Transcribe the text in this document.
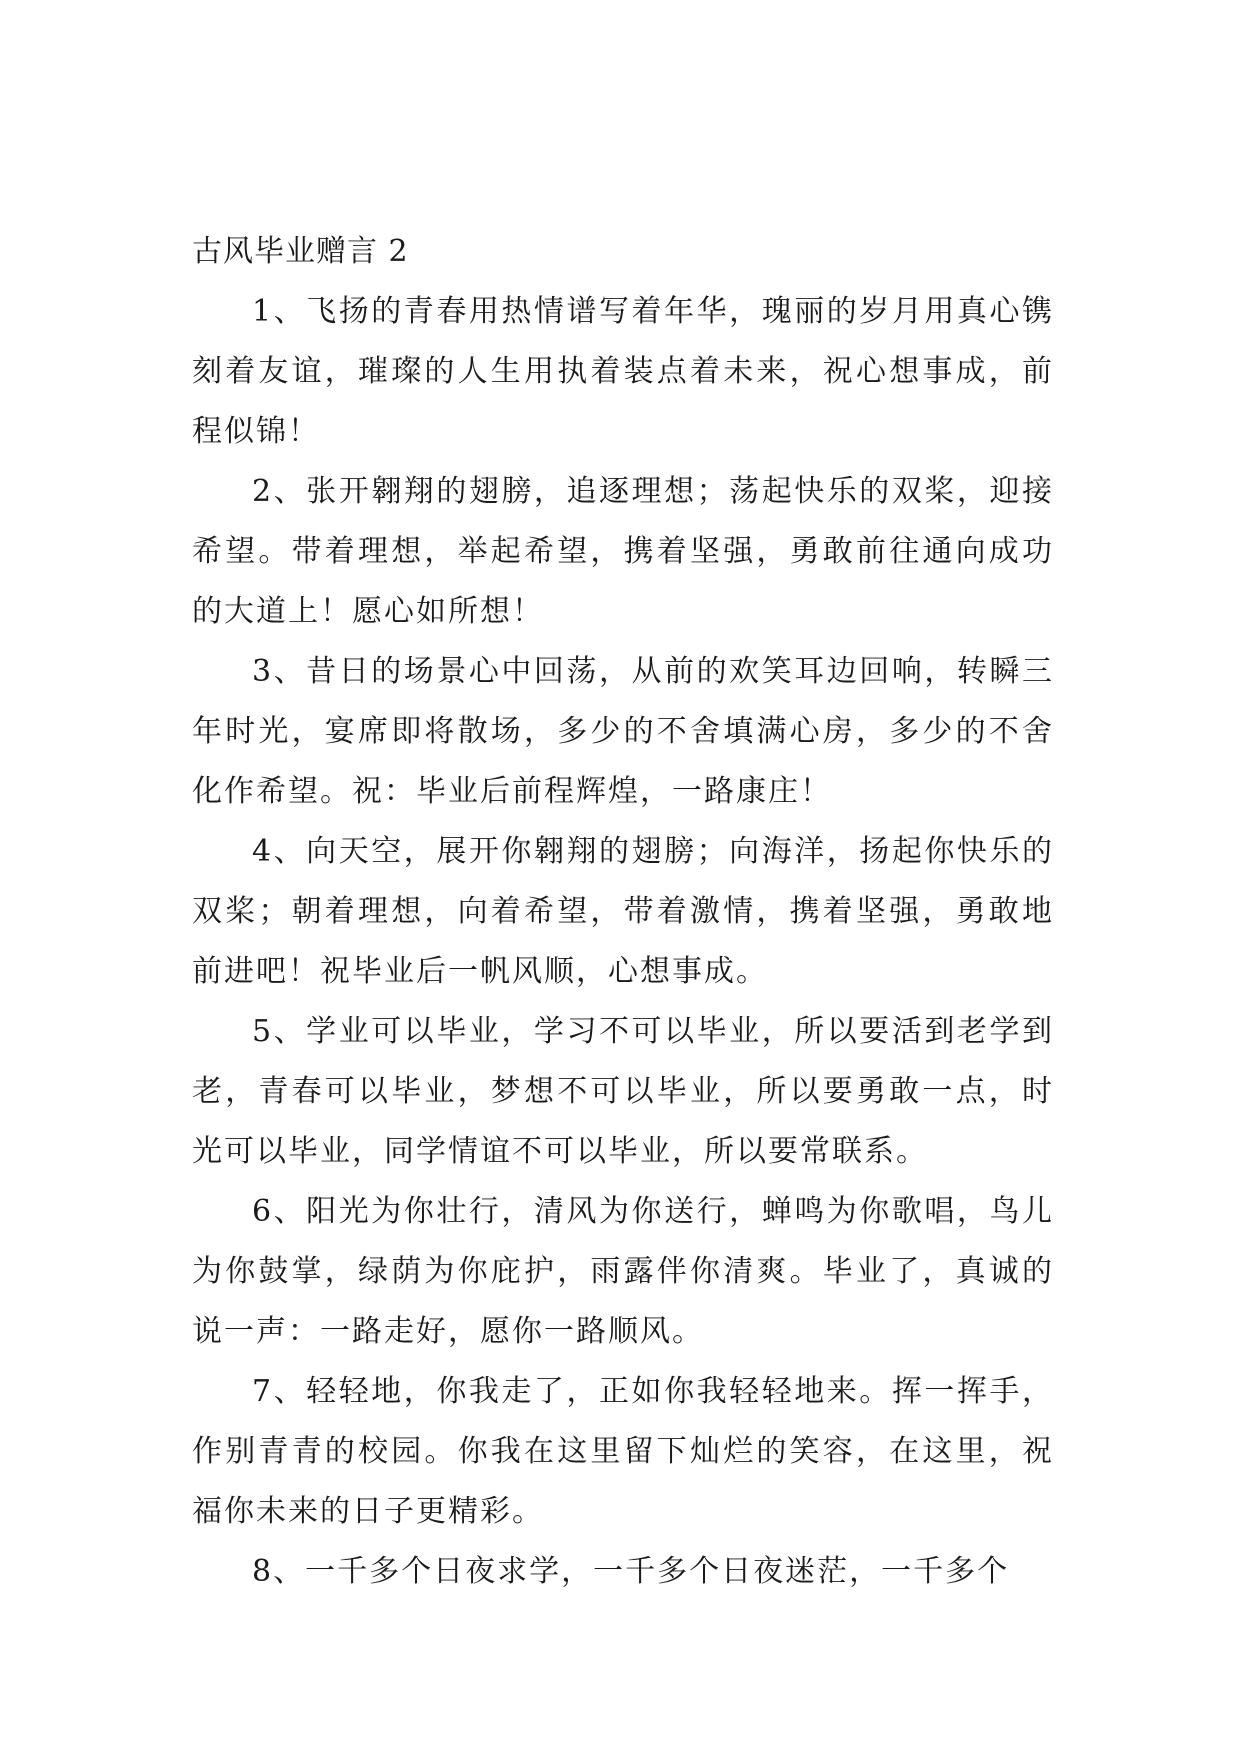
古风毕业赠言 2

1、飞扬的青春用热情谱写着年华，瑰丽的岁月用真心镌刻着友谊，璀璨的人生用执着装点着未来，祝心想事成，前程似锦！

2、张开翱翔的翅膀，追逐理想；荡起快乐的双桨，迎接希望。带着理想，举起希望，携着坚强，勇敢前往通向成功的大道上！愿心如所想！

3、昔日的场景心中回荡，从前的欢笑耳边回响，转瞬三年时光，宴席即将散场，多少的不舍填满心房，多少的不舍化作希望。祝：毕业后前程辉煌，一路康庄！

4、向天空，展开你翱翔的翅膀；向海洋，扬起你快乐的双桨；朝着理想，向着希望，带着激情，携着坚强，勇敢地前进吧！祝毕业后一帆风顺，心想事成。

5、学业可以毕业，学习不可以毕业，所以要活到老学到老，青春可以毕业，梦想不可以毕业，所以要勇敢一点，时光可以毕业，同学情谊不可以毕业，所以要常联系。

6、阳光为你壮行，清风为你送行，蝉鸣为你歌唱，鸟儿为你鼓掌，绿荫为你庇护，雨露伴你清爽。毕业了，真诚的说一声：一路走好，愿你一路顺风。

7、轻轻地，你我走了，正如你我轻轻地来。挥一挥手，作别青青的校园。你我在这里留下灿烂的笑容，在这里，祝福你未来的日子更精彩。

8、一千多个日夜求学，一千多个日夜迷茫，一千多个
